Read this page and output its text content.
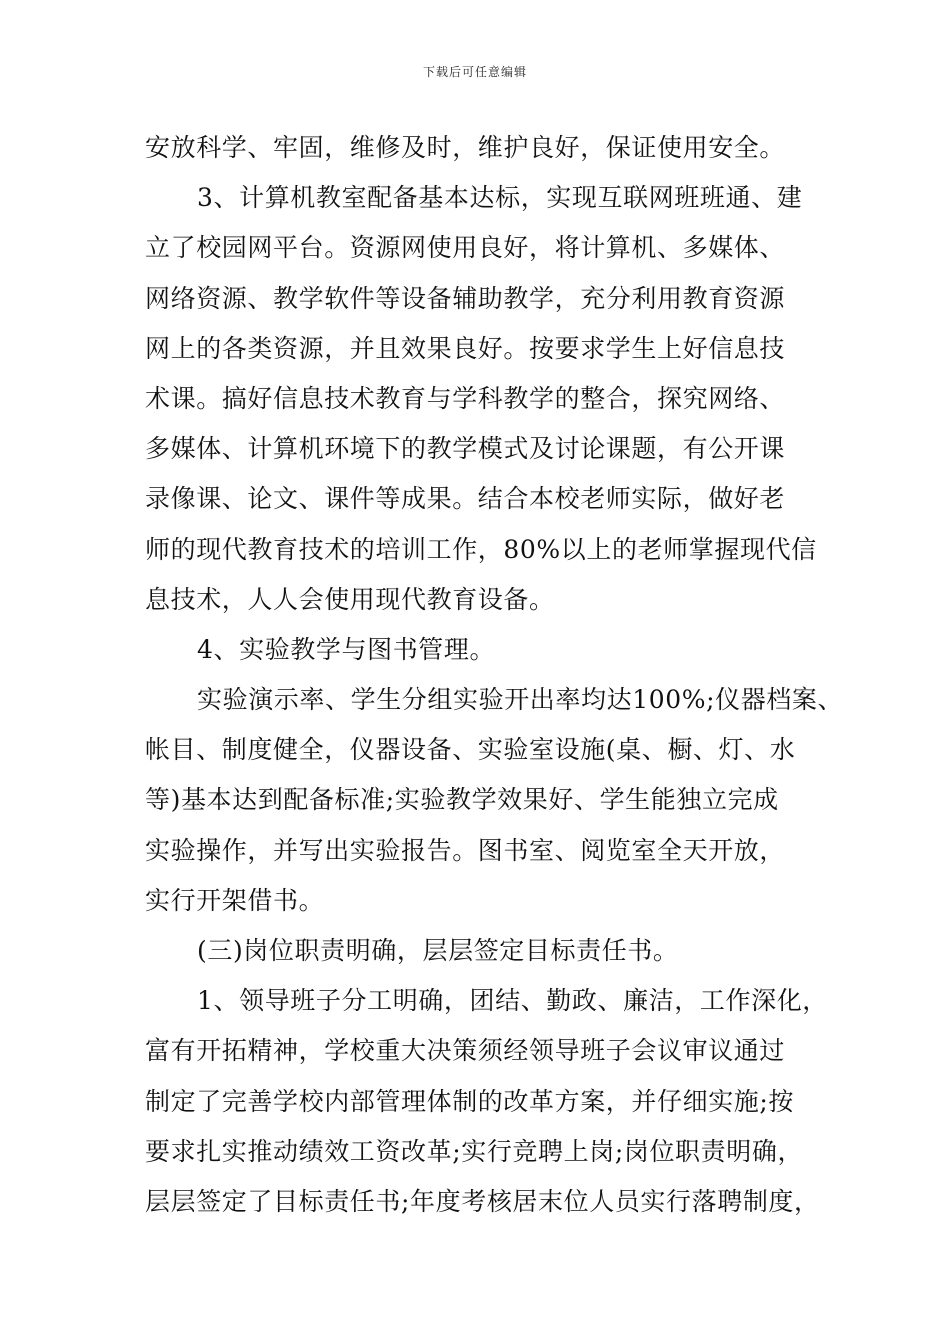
下载后可任意编辑
安放科学、牢固，维修及时，维护良好，保证使用安全。
3、计算机教室配备基本达标，实现互联网班班通、建
立了校园网平台。资源网使用良好，将计算机、多媒体、
网络资源、教学软件等设备辅助教学，充分利用教育资源
网上的各类资源，并且效果良好。按要求学生上好信息技
术课。搞好信息技术教育与学科教学的整合，探究网络、
多媒体、计算机环境下的教学模式及讨论课题，有公开课
录像课、论文、课件等成果。结合本校老师实际，做好老
师的现代教育技术的培训工作，80%以上的老师掌握现代信
息技术，人人会使用现代教育设备。
4、实验教学与图书管理。
实验演示率、学生分组实验开出率均达100%;仪器档案、
帐目、制度健全，仪器设备、实验室设施(桌、橱、灯、水
等)基本达到配备标准;实验教学效果好、学生能独立完成
实验操作，并写出实验报告。图书室、阅览室全天开放，
实行开架借书。
(三)岗位职责明确，层层签定目标责任书。
1、领导班子分工明确，团结、勤政、廉洁，工作深化，
富有开拓精神，学校重大决策须经领导班子会议审议通过
制定了完善学校内部管理体制的改革方案，并仔细实施;按
要求扎实推动绩效工资改革;实行竞聘上岗;岗位职责明确，
层层签定了目标责任书;年度考核居末位人员实行落聘制度，
